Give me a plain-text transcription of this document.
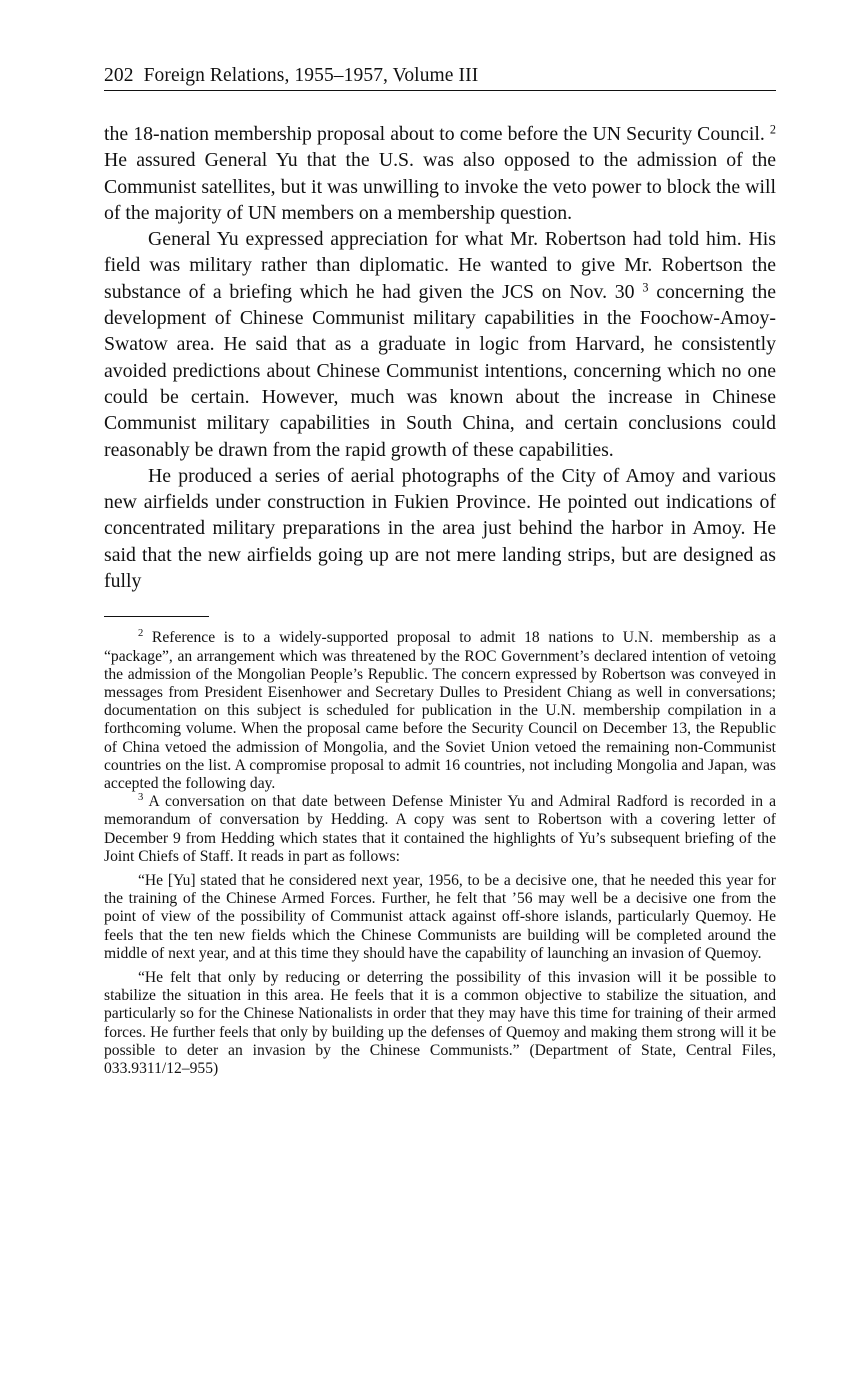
202 Foreign Relations, 1955–1957, Volume III

the 18-nation membership proposal about to come before the UN Security Council. $^2$ He assured General Yu that the U.S. was also opposed to the admission of the Communist satellites, but it was unwilling to invoke the veto power to block the will of the majority of UN members on a membership question.

General Yu expressed appreciation for what Mr. Robertson had told him. His field was military rather than diplomatic. He wanted to give Mr. Robertson the substance of a briefing which he had given the JCS on Nov. 30 $^3$ concerning the development of Chinese Communist military capabilities in the Foochow-Amoy-Swatow area. He said that as a graduate in logic from Harvard, he consistently avoided predictions about Chinese Communist intentions, concerning which no one could be certain. However, much was known about the increase in Chinese Communist military capabilities in South China, and certain conclusions could reasonably be drawn from the rapid growth of these capabilities.

He produced a series of aerial photographs of the City of Amoy and various new airfields under construction in Fukien Province. He pointed out indications of concentrated military preparations in the area just behind the harbor in Amoy. He said that the new airfields going up are not mere landing strips, but are designed as fully

$^2$ Reference is to a widely-supported proposal to admit 18 nations to U.N. membership as a “package”, an arrangement which was threatened by the ROC Government’s declared intention of vetoing the admission of the Mongolian People’s Republic. The concern expressed by Robertson was conveyed in messages from President Eisenhower and Secretary Dulles to President Chiang as well in conversations; documentation on this subject is scheduled for publication in the U.N. membership compilation in a forthcoming volume. When the proposal came before the Security Council on December 13, the Republic of China vetoed the admission of Mongolia, and the Soviet Union vetoed the remaining non-Communist countries on the list. A compromise proposal to admit 16 countries, not including Mongolia and Japan, was accepted the following day.

$^3$ A conversation on that date between Defense Minister Yu and Admiral Radford is recorded in a memorandum of conversation by Hedding. A copy was sent to Robertson with a covering letter of December 9 from Hedding which states that it contained the highlights of Yu’s subsequent briefing of the Joint Chiefs of Staff. It reads in part as follows:

“He [Yu] stated that he considered next year, 1956, to be a decisive one, that he needed this year for the training of the Chinese Armed Forces. Further, he felt that ’56 may well be a decisive one from the point of view of the possibility of Communist attack against off-shore islands, particularly Quemoy. He feels that the ten new fields which the Chinese Communists are building will be completed around the middle of next year, and at this time they should have the capability of launching an invasion of Quemoy.

“He felt that only by reducing or deterring the possibility of this invasion will it be possible to stabilize the situation in this area. He feels that it is a common objective to stabilize the situation, and particularly so for the Chinese Nationalists in order that they may have this time for training of their armed forces. He further feels that only by building up the defenses of Quemoy and making them strong will it be possible to deter an invasion by the Chinese Communists.” (Department of State, Central Files, 033.9311/12–955)
